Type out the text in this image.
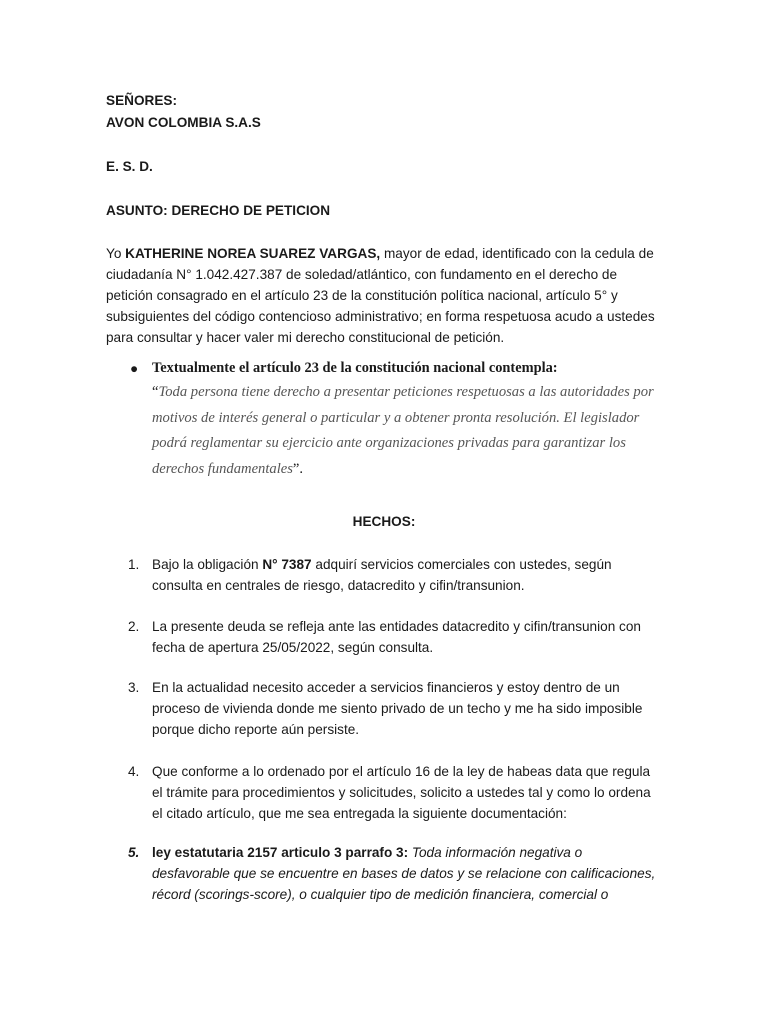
SEÑORES:

AVON COLOMBIA S.A.S

E. S. D.

ASUNTO: DERECHO DE PETICION

Yo KATHERINE NOREA SUAREZ VARGAS, mayor de edad, identificado con la cedula de ciudadanía N° 1.042.427.387 de soledad/atlántico, con fundamento en el derecho de petición consagrado en el artículo 23 de la constitución política nacional, artículo 5° y subsiguientes del código contencioso administrativo; en forma respetuosa acudo a ustedes para consultar y hacer valer mi derecho constitucional de petición.

● Textualmente el artículo 23 de la constitución nacional contempla:
“Toda persona tiene derecho a presentar peticiones respetuosas a las autoridades por motivos de interés general o particular y a obtener pronta resolución. El legislador podrá reglamentar su ejercicio ante organizaciones privadas para garantizar los derechos fundamentales”.
HECHOS:
1. Bajo la obligación N° 7387 adquirí servicios comerciales con ustedes, según consulta en centrales de riesgo, datacredito y cifin/transunion.
2. La presente deuda se refleja ante las entidades datacredito y cifin/transunion con fecha de apertura 25/05/2022, según consulta.
3. En la actualidad necesito acceder a servicios financieros y estoy dentro de un proceso de vivienda donde me siento privado de un techo y me ha sido imposible porque dicho reporte aún persiste.
4. Que conforme a lo ordenado por el artículo 16 de la ley de habeas data que regula el trámite para procedimientos y solicitudes, solicito a ustedes tal y como lo ordena el citado artículo, que me sea entregada la siguiente documentación:
5. ley estatutaria 2157 articulo 3 parrafo 3: Toda información negativa o desfavorable que se encuentre en bases de datos y se relacione con calificaciones, récord (scorings-score), o cualquier tipo de medición financiera, comercial o
